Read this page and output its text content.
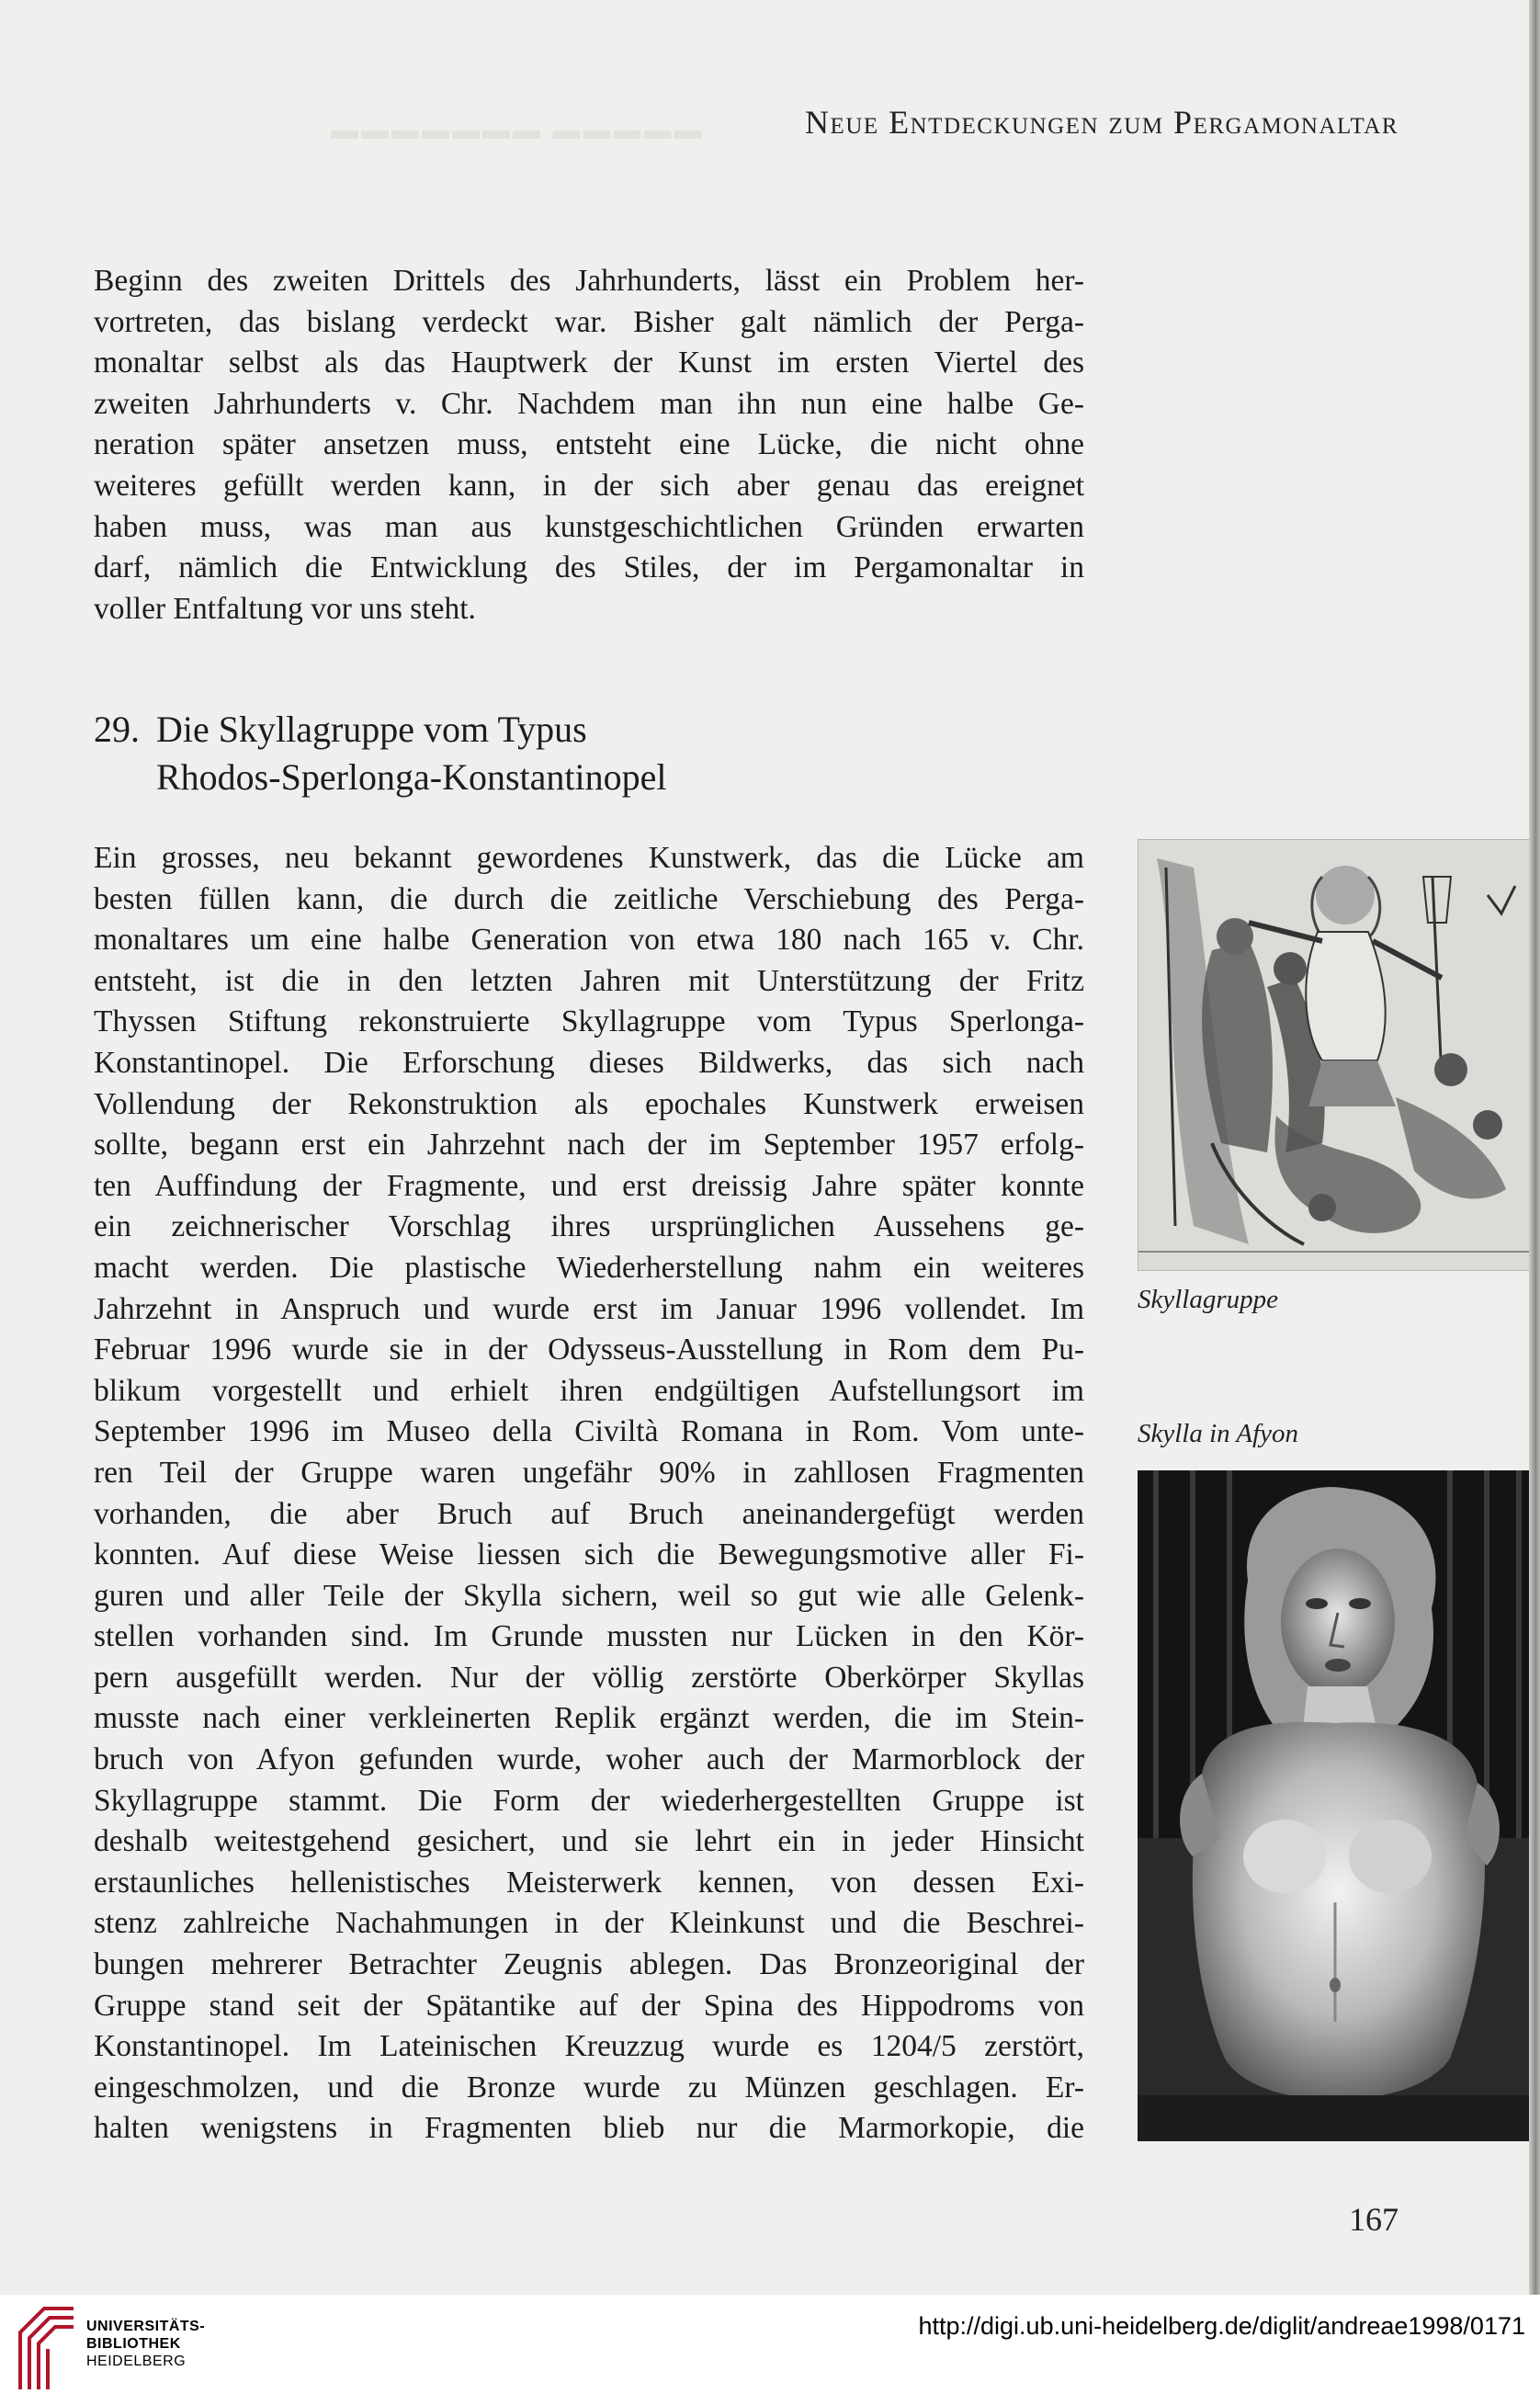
▬▬▬▬▬▬▬ ▬▬▬▬▬	Neue Entdeckungen zum Pergamonaltar
Beginn des zweiten Drittels des Jahrhunderts, lässt ein Problem her-
vortreten, das bislang verdeckt war. Bisher galt nämlich der Perga-
monaltar selbst als das Hauptwerk der Kunst im ersten Viertel des
zweiten Jahrhunderts v. Chr. Nachdem man ihn nun eine halbe Ge-
neration später ansetzen muss, entsteht eine Lücke, die nicht ohne
weiteres gefüllt werden kann, in der sich aber genau das ereignet
haben muss, was man aus kunstgeschichtlichen Gründen erwarten
darf, nämlich die Entwicklung des Stiles, der im Pergamonaltar in
voller Entfaltung vor uns steht.
29. Die Skyllagruppe vom Typus
Rhodos-Sperlonga-Konstantinopel
Ein grosses, neu bekannt gewordenes Kunstwerk, das die Lücke am
besten füllen kann, die durch die zeitliche Verschiebung des Perga-
monaltares um eine halbe Generation von etwa 180 nach 165 v. Chr.
entsteht, ist die in den letzten Jahren mit Unterstützung der Fritz
Thyssen Stiftung rekonstruierte Skyllagruppe vom Typus Sperlonga-
Konstantinopel. Die Erforschung dieses Bildwerks, das sich nach
Vollendung der Rekonstruktion als epochales Kunstwerk erweisen
sollte, begann erst ein Jahrzehnt nach der im September 1957 erfolg-
ten Auffindung der Fragmente, und erst dreissig Jahre später konnte
ein zeichnerischer Vorschlag ihres ursprünglichen Aussehens ge-
macht werden. Die plastische Wiederherstellung nahm ein weiteres
Jahrzehnt in Anspruch und wurde erst im Januar 1996 vollendet. Im
Februar 1996 wurde sie in der Odysseus-Ausstellung in Rom dem Pu-
blikum vorgestellt und erhielt ihren endgültigen Aufstellungsort im
September 1996 im Museo della Civiltà Romana in Rom. Vom unte-
ren Teil der Gruppe waren ungefähr 90% in zahllosen Fragmenten
vorhanden, die aber Bruch auf Bruch aneinandergefügt werden
konnten. Auf diese Weise liessen sich die Bewegungsmotive aller Fi-
guren und aller Teile der Skylla sichern, weil so gut wie alle Gelenk-
stellen vorhanden sind. Im Grunde mussten nur Lücken in den Kör-
pern ausgefüllt werden. Nur der völlig zerstörte Oberkörper Skyllas
musste nach einer verkleinerten Replik ergänzt werden, die im Stein-
bruch von Afyon gefunden wurde, woher auch der Marmorblock der
Skyllagruppe stammt. Die Form der wiederhergestellten Gruppe ist
deshalb weitestgehend gesichert, und sie lehrt ein in jeder Hinsicht
erstaunliches hellenistisches Meisterwerk kennen, von dessen Exi-
stenz zahlreiche Nachahmungen in der Kleinkunst und die Beschrei-
bungen mehrerer Betrachter Zeugnis ablegen. Das Bronzeoriginal der
Gruppe stand seit der Spätantike auf der Spina des Hippodroms von
Konstantinopel. Im Lateinischen Kreuzzug wurde es 1204/5 zerstört,
eingeschmolzen, und die Bronze wurde zu Münzen geschlagen. Er-
halten wenigstens in Fragmenten blieb nur die Marmorkopie, die
Skyllagruppe
Skylla in Afyon
167
UNIVERSITÄTS-
BIBLIOTHEK
HEIDELBERG
http://digi.ub.uni-heidelberg.de/diglit/andreae1998/0171
